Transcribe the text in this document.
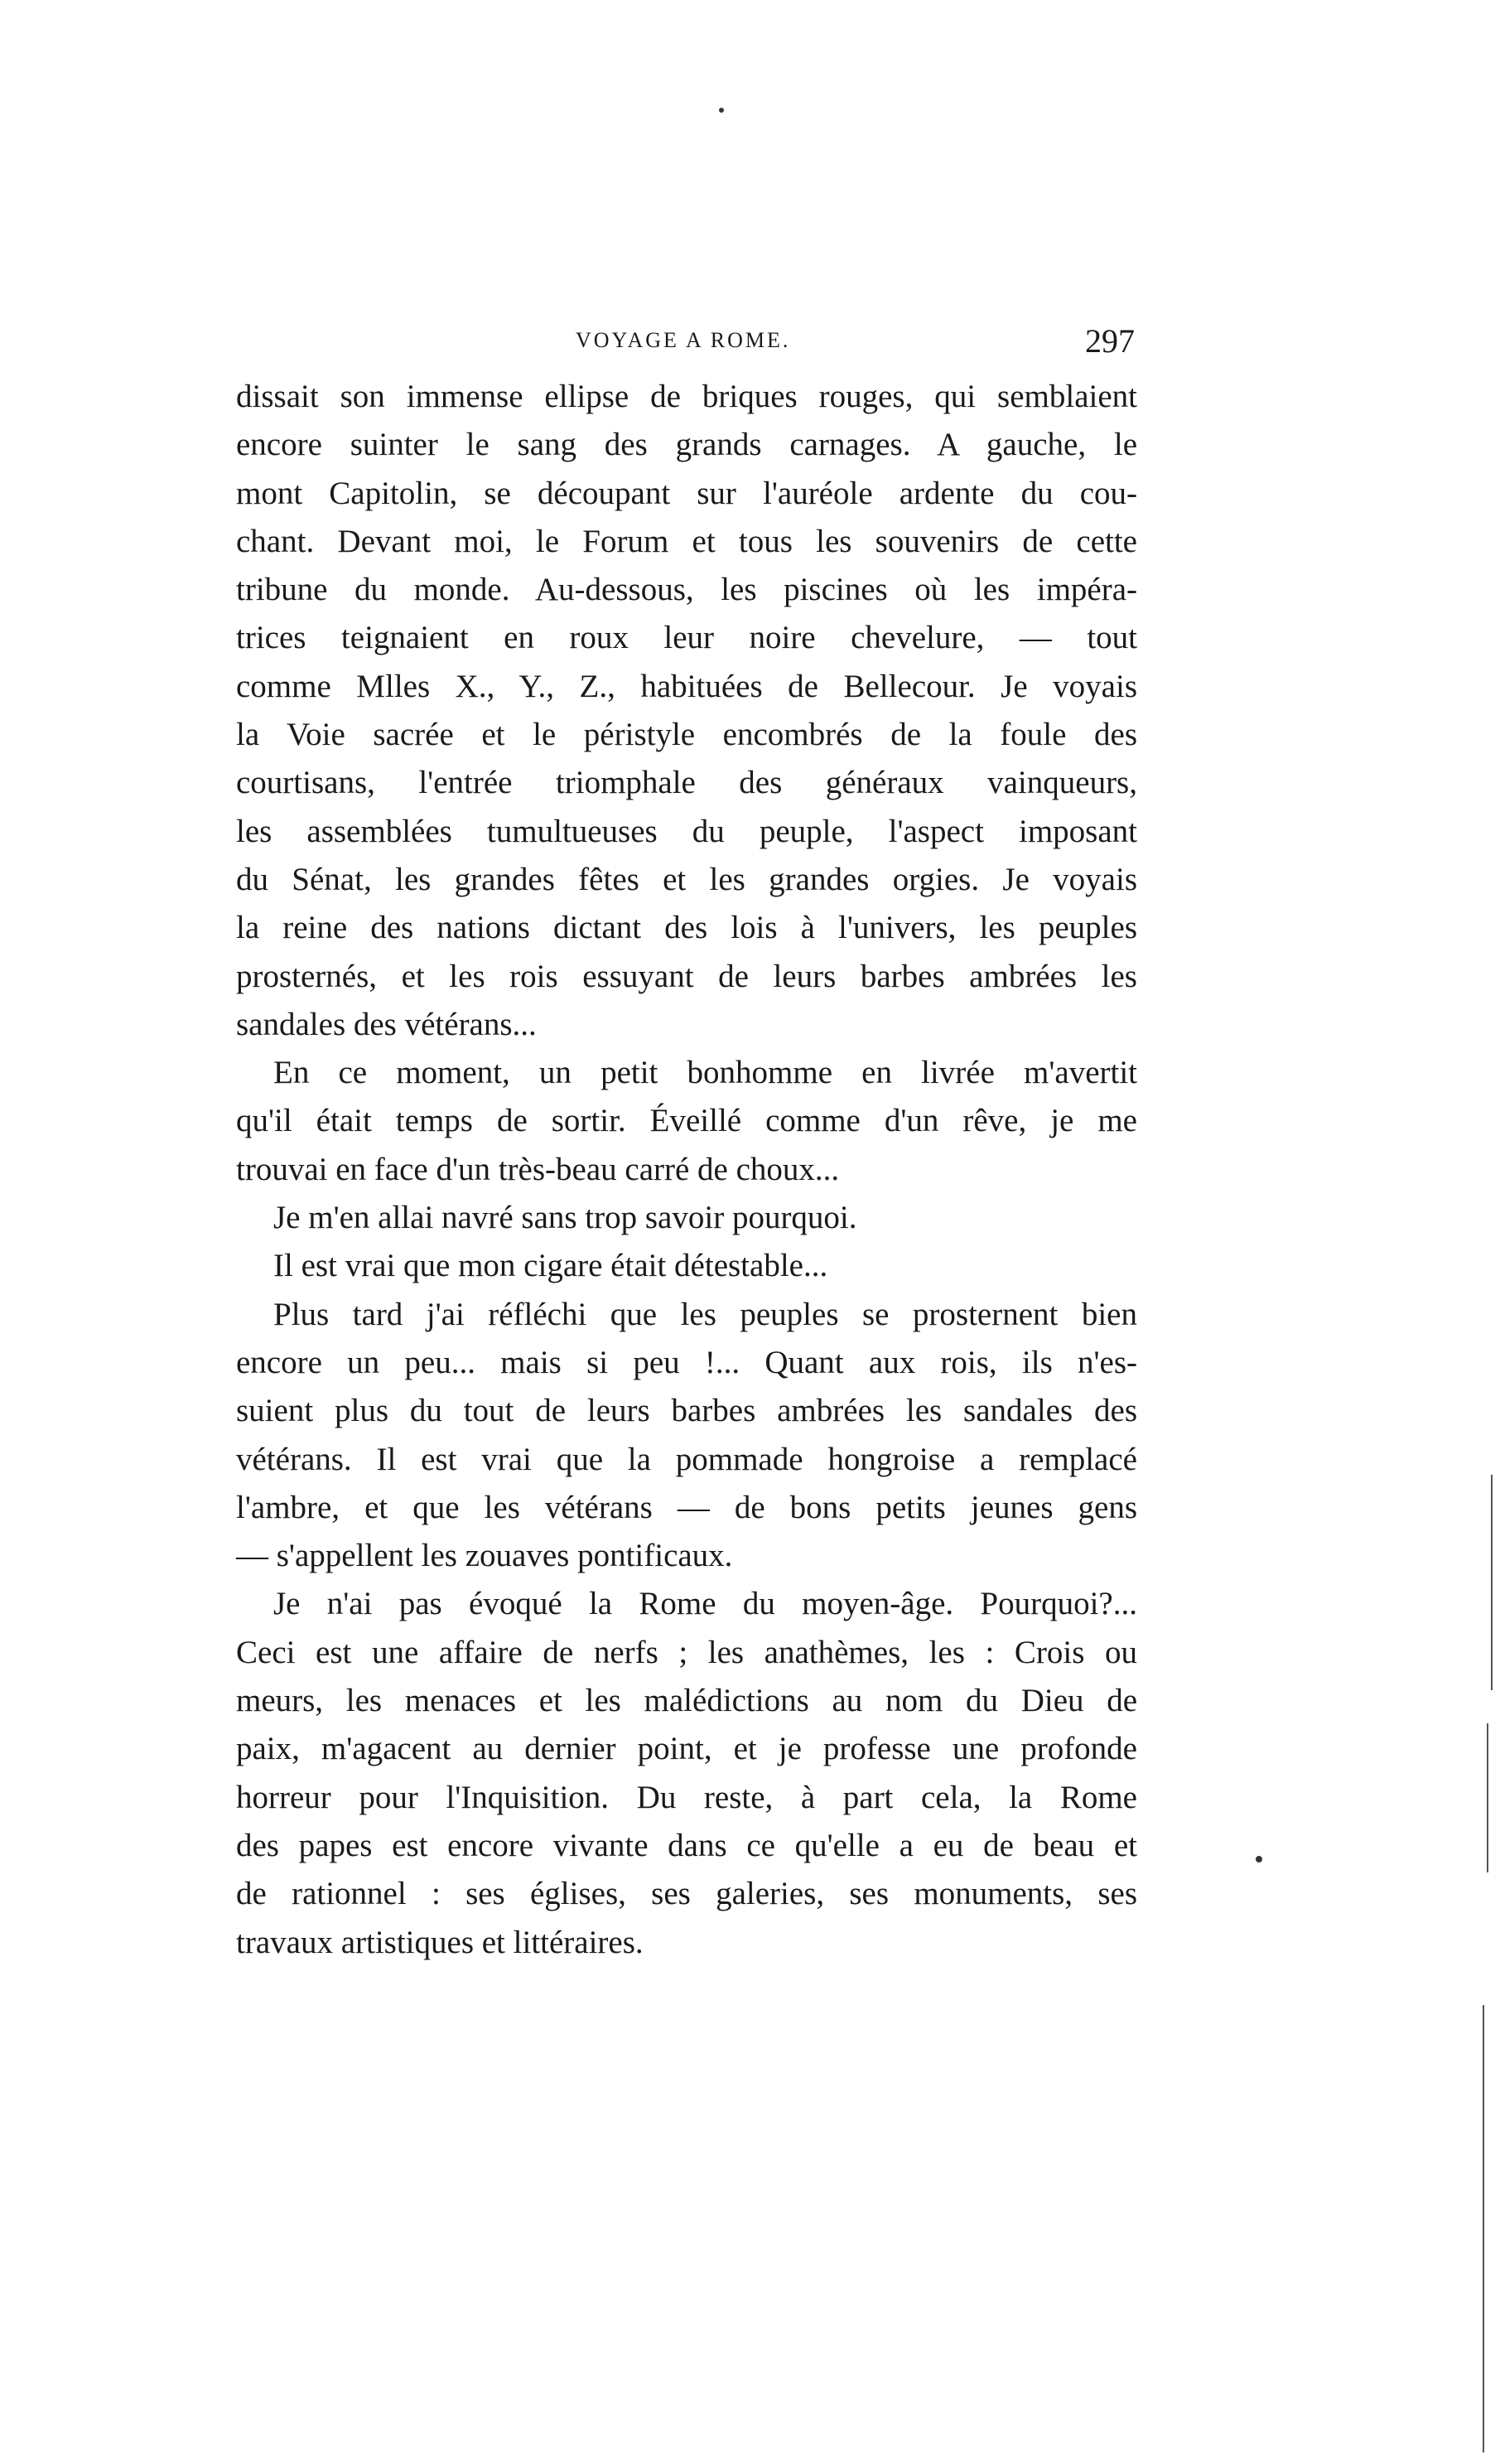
VOYAGE A ROME.	297
dissait son immense ellipse de briques rouges, qui semblaient
encore suinter le sang des grands carnages. A gauche, le
mont Capitolin, se découpant sur l'auréole ardente du cou-
chant. Devant moi, le Forum et tous les souvenirs de cette
tribune du monde. Au-dessous, les piscines où les impéra-
trices teignaient en roux leur noire chevelure, — tout
comme Mlles X., Y., Z., habituées de Bellecour. Je voyais
la Voie sacrée et le péristyle encombrés de la foule des
courtisans, l'entrée triomphale des généraux vainqueurs,
les assemblées tumultueuses du peuple, l'aspect imposant
du Sénat, les grandes fêtes et les grandes orgies. Je voyais
la reine des nations dictant des lois à l'univers, les peuples
prosternés, et les rois essuyant de leurs barbes ambrées les
sandales des vétérans...
En ce moment, un petit bonhomme en livrée m'avertit
qu'il était temps de sortir. Éveillé comme d'un rêve, je me
trouvai en face d'un très-beau carré de choux...
Je m'en allai navré sans trop savoir pourquoi.
Il est vrai que mon cigare était détestable...
Plus tard j'ai réfléchi que les peuples se prosternent bien
encore un peu... mais si peu !... Quant aux rois, ils n'es-
suient plus du tout de leurs barbes ambrées les sandales des
vétérans. Il est vrai que la pommade hongroise a remplacé
l'ambre, et que les vétérans — de bons petits jeunes gens
— s'appellent les zouaves pontificaux.
Je n'ai pas évoqué la Rome du moyen-âge. Pourquoi?...
Ceci est une affaire de nerfs ; les anathèmes, les : Crois ou
meurs, les menaces et les malédictions au nom du Dieu de
paix, m'agacent au dernier point, et je professe une profonde
horreur pour l'Inquisition. Du reste, à part cela, la Rome
des papes est encore vivante dans ce qu'elle a eu de beau et
de rationnel : ses églises, ses galeries, ses monuments, ses
travaux artistiques et littéraires.
